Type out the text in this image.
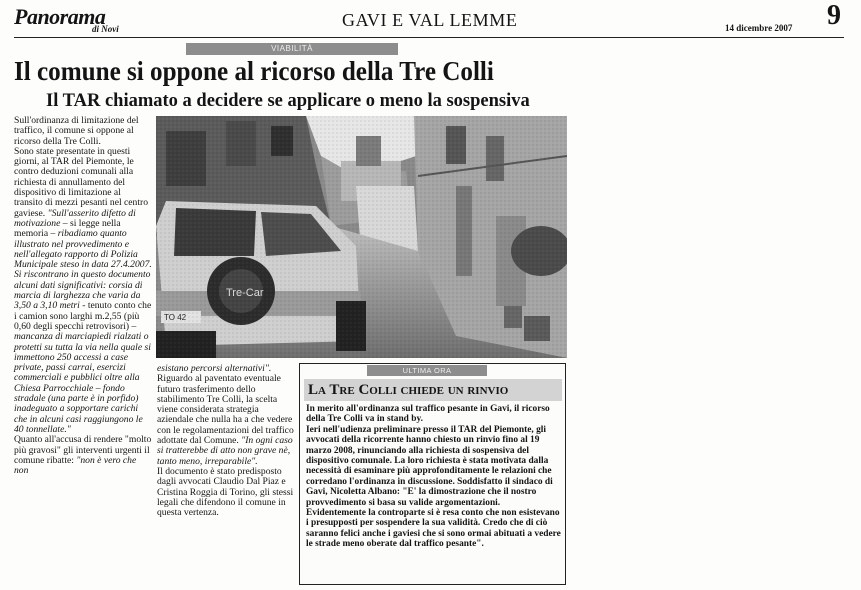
Panorama
di Novi	GAVI E VAL LEMME	14 dicembre 2007 9
VIABILITÀ
Il comune si oppone al ricorso della Tre Colli
Il TAR chiamato a decidere se applicare o meno la sospensiva

Sull'ordinanza di limitazione del traffico, il comune si oppone al ricorso della Tre Colli.

Sono state presentate in questi giorni, al TAR del Piemonte, le contro deduzioni comunali alla richiesta di annullamento del dispositivo di limitazione al transito di mezzi pesanti nel centro gaviese. "Sull'asserito difetto di motivazione – si legge nella memoria – ribadiamo quanto illustrato nel provvedimento e nell'allegato rapporto di Polizia Municipale steso in data 27.4.2007. Si riscontrano in questo documento alcuni dati significativi: corsia di marcia di larghezza che varia da 3,50 a 3,10 metri - tenuto conto che i camion sono larghi m.2,55 (più 0,60 degli specchi retrovisori) – mancanza di marciapiedi rialzati o protetti su tutta la via nella quale si immettono 250 accessi a case private, passi carrai, esercizi commerciali e pubblici oltre alla Chiesa Parrocchiale – fondo stradale (una parte è in porfido) inadeguato a sopportare carichi che in alcuni casi raggiungono le 40 tonnellate."

Quanto all'accusa di rendere "molto più gravosi" gli interventi urgenti il comune ribatte: "non è vero che non

esistano percorsi alternativi".

Riguardo al paventato eventuale futuro trasferimento dello stabilimento Tre Colli, la scelta viene considerata strategia aziendale che nulla ha a che vedere con le regolamentazioni del traffico adottate dal Comune. "In ogni caso si tratterebbe di atto non grave nè, tanto meno, irreparabile".

Il documento è stato predisposto dagli avvocati Claudio Dal Piaz e Cristina Roggia di Torino, gli stessi legali che difendono il comune in questa vertenza.

ULTIMA ORA
La Tre Colli chiede un rinvio

In merito all'ordinanza sul traffico pesante in Gavi, il ricorso della Tre Colli va in stand by.

Ieri nell'udienza preliminare presso il TAR del Piemonte, gli avvocati della ricorrente hanno chiesto un rinvio fino al 19 marzo 2008, rinunciando alla richiesta di sospensiva del dispositivo comunale. La loro richiesta è stata motivata dalla necessità di esaminare più approfonditamente le relazioni che corredano l'ordinanza in discussione. Soddisfatto il sindaco di Gavi, Nicoletta Albano: "E' la dimostrazione che il nostro provvedimento si basa su valide argomentazioni. Evidentemente la controparte si è resa conto che non esistevano i presupposti per sospendere la sua validità. Credo che di ciò saranno felici anche i gaviesi che si sono ormai abituati a vedere le strade meno oberate dal traffico pesante".
